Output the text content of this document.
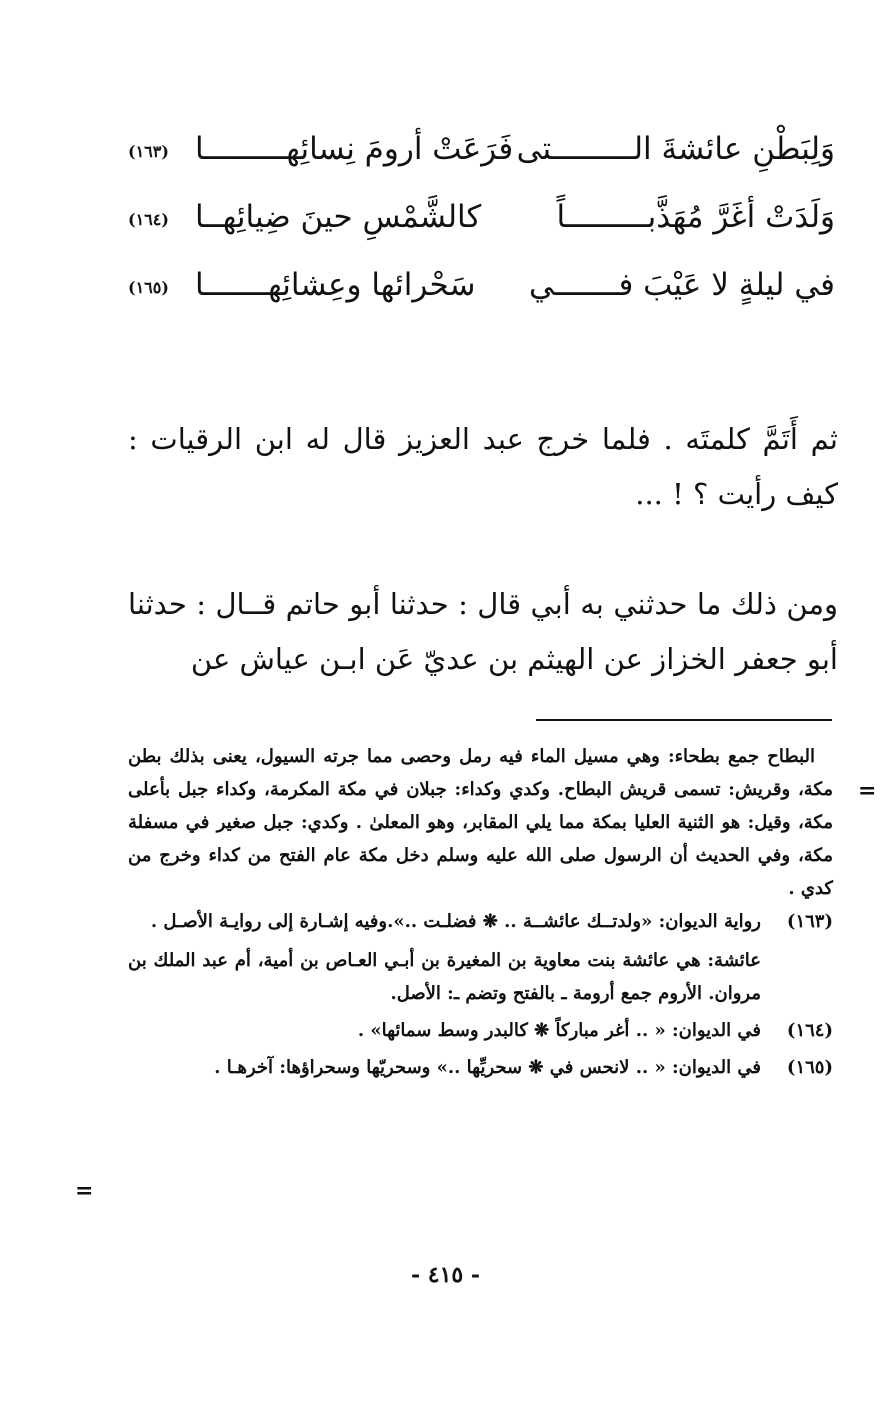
وَلِبَطْنِ عائشةَ الـــــــــتى
فَرَعَتْ أرومَ نِسائِهـــــــــا
(١٦٣)
وَلَدَتْ أغَرَّ مُهَذَّبـــــــــاً
كالشَّمْسِ حينَ ضِيائِهــا
(١٦٤)
في ليلةٍ لا عَيْبَ فـــــــي
سَحْرائها وعِشائِهـــــــا
(١٦٥)

ثم أَتَمَّ كلمتَه . فلما خرج عبد العزيز قال له ابن الرقيات : كيف رأيت ؟ ! ...

ومن ذلك ما حدثني به أبي قال : حدثنا أبو حاتم قــال : حدثنا أبو جعفر الخزاز عن الهيثم بن عديّ عَن ابـن عياش عن

البطاح جمع بطحاء: وهي مسيل الماء فيه رمل وحصى مما جرته السيول، يعنى بذلك بطن مكة، وقريش: تسمى قريش البطاح. وكدي وكداء: جبلان في مكة المكرمة، وكداء جبل بأعلى مكة، وقيل: هو الثنية العليا بمكة مما يلي المقابر، وهو المعلىٰ . وكدي: جبل صغير في مسفلة مكة، وفي الحديث أن الرسول صلى الله عليه وسلم دخل مكة عام الفتح من كداء وخرج من كدي .

(١٦٣)

رواية الديوان: «ولدتــك عائشــة .. ❋ فضلـت ..».وفيه إشـارة إلى روايـة الأصـل .

عائشة: هي عائشة بنت معاوية بن المغيرة بن أبـي العـاص بن أمية، أم عبد الملك بن مروان. الأروم جمع أرومة ـ بالفتح وتضم ـ: الأصل.

(١٦٤)

في الديوان: « .. أغر مباركاً ❋ كالبدر وسط سمائها» .

(١٦٥)

في الديوان: « .. لانحس في ❋ سحريِّها ..» وسحريّها وسحراؤها: آخرهـا .

=
=
- ٤١٥ -
